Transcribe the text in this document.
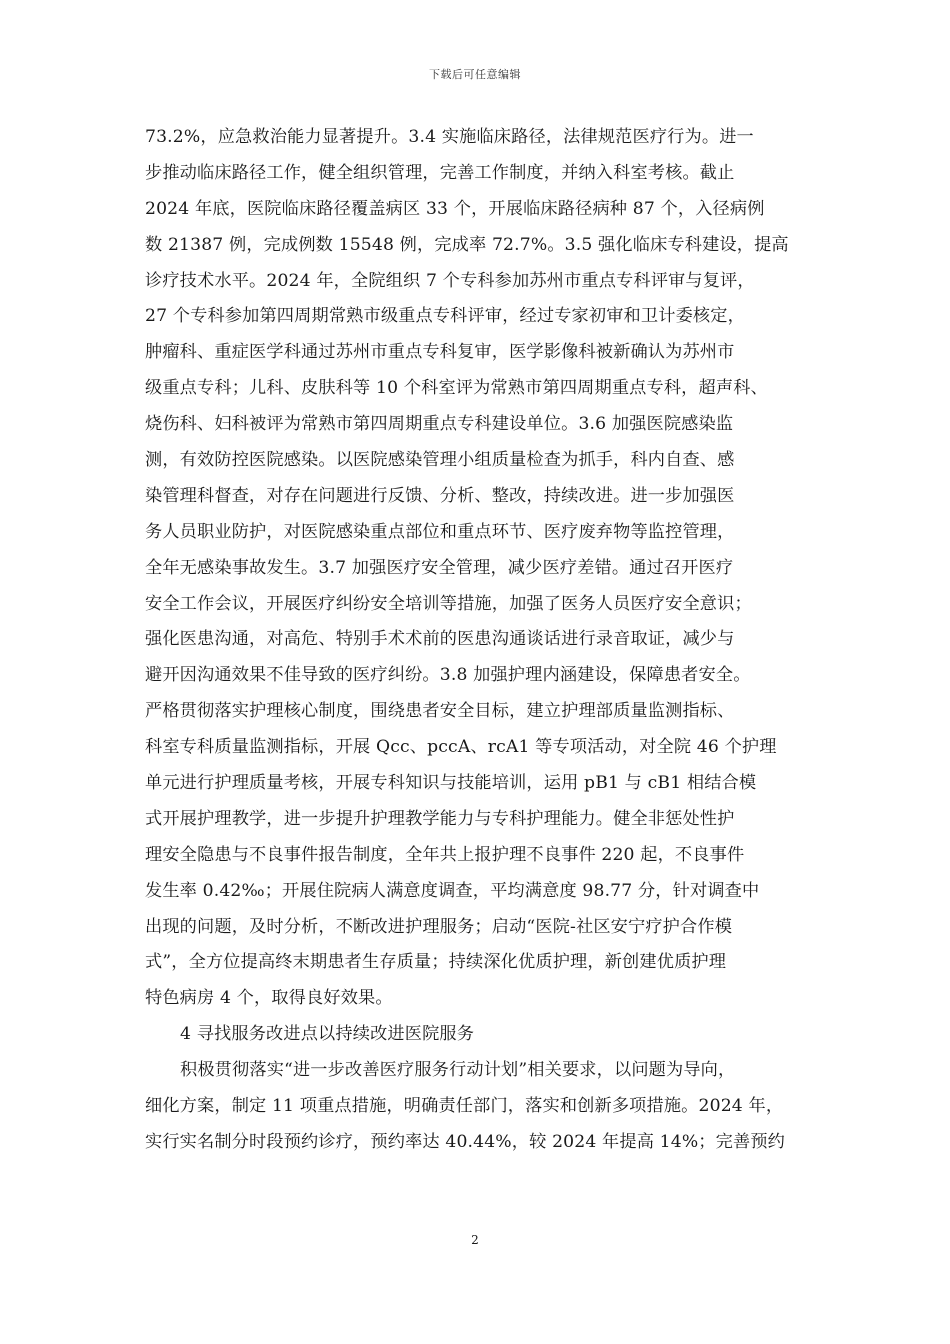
下载后可任意编辑
73.2%，应急救治能力显著提升。3.4 实施临床路径，法律规范医疗行为。进一
步推动临床路径工作，健全组织管理，完善工作制度，并纳入科室考核。截止
2024 年底，医院临床路径覆盖病区 33 个，开展临床路径病种 87 个，入径病例
数 21387 例，完成例数 15548 例，完成率 72.7%。3.5 强化临床专科建设，提高
诊疗技术水平。2024 年，全院组织 7 个专科参加苏州市重点专科评审与复评，
27 个专科参加第四周期常熟市级重点专科评审，经过专家初审和卫计委核定，
肿瘤科、重症医学科通过苏州市重点专科复审，医学影像科被新确认为苏州市
级重点专科；儿科、皮肤科等 10 个科室评为常熟市第四周期重点专科，超声科、
烧伤科、妇科被评为常熟市第四周期重点专科建设单位。3.6 加强医院感染监
测，有效防控医院感染。以医院感染管理小组质量检查为抓手，科内自查、感
染管理科督查，对存在问题进行反馈、分析、整改，持续改进。进一步加强医
务人员职业防护，对医院感染重点部位和重点环节、医疗废弃物等监控管理，
全年无感染事故发生。3.7 加强医疗安全管理，减少医疗差错。通过召开医疗
安全工作会议，开展医疗纠纷安全培训等措施，加强了医务人员医疗安全意识；
强化医患沟通，对高危、特别手术术前的医患沟通谈话进行录音取证，减少与
避开因沟通效果不佳导致的医疗纠纷。3.8 加强护理内涵建设，保障患者安全。
严格贯彻落实护理核心制度，围绕患者安全目标，建立护理部质量监测指标、
科室专科质量监测指标，开展 Qcc、pccA、rcA1 等专项活动，对全院 46 个护理
单元进行护理质量考核，开展专科知识与技能培训，运用 pB1 与 cB1 相结合模
式开展护理教学，进一步提升护理教学能力与专科护理能力。健全非惩处性护
理安全隐患与不良事件报告制度，全年共上报护理不良事件 220 起，不良事件
发生率 0.42‰；开展住院病人满意度调查，平均满意度 98.77 分，针对调查中
出现的问题，及时分析，不断改进护理服务；启动“医院-社区安宁疗护合作模
式”，全方位提高终末期患者生存质量；持续深化优质护理，新创建优质护理
特色病房 4 个，取得良好效果。
4 寻找服务改进点以持续改进医院服务
积极贯彻落实“进一步改善医疗服务行动计划”相关要求，以问题为导向，
细化方案，制定 11 项重点措施，明确责任部门，落实和创新多项措施。2024 年，
实行实名制分时段预约诊疗，预约率达 40.44%，较 2024 年提高 14%；完善预约
2
